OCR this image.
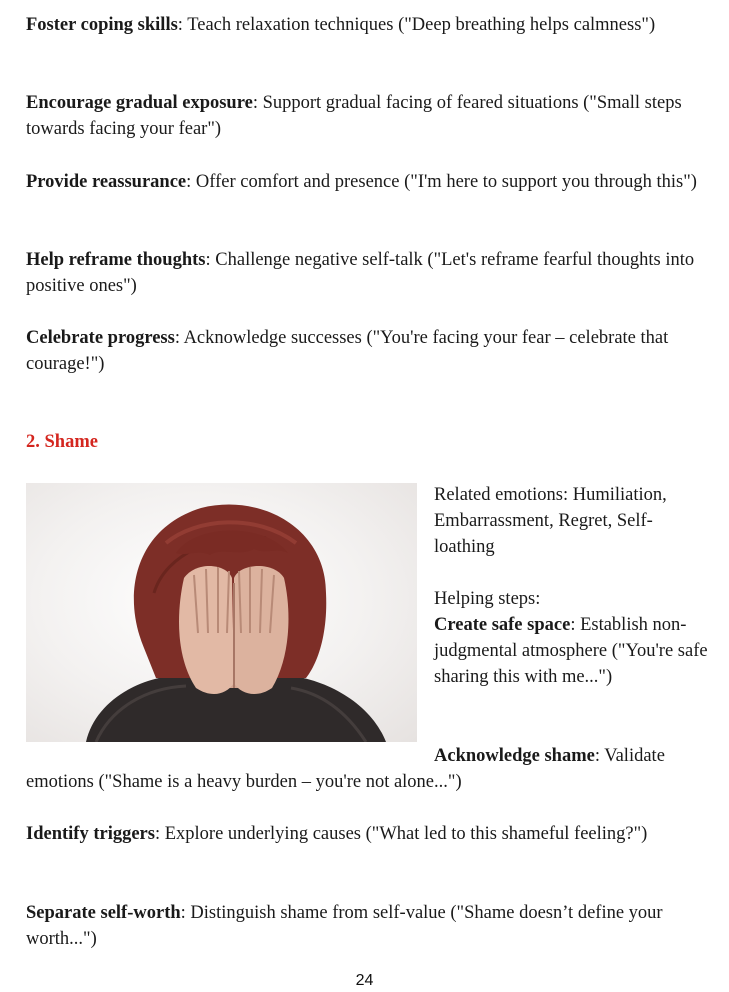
Foster coping skills: Teach relaxation techniques ("Deep breathing helps calmness")

Encourage gradual exposure: Support gradual facing of feared situations ("Small steps towards facing your fear")

Provide reassurance: Offer comfort and presence ("I'm here to support you through this")

Help reframe thoughts: Challenge negative self-talk ("Let's reframe fearful thoughts into positive ones")

Celebrate progress: Acknowledge successes ("You're facing your fear – celebrate that courage!")

2. Shame

Related emotions: Humiliation, Embarrassment, Regret, Self-loathing

Helping steps:

Create safe space: Establish non-judgmental atmosphere ("You're safe sharing this with me...")

Acknowledge shame: Validate emotions ("Shame is a heavy burden – you're not alone...")

Identify triggers: Explore underlying causes ("What led to this shameful feeling?")

Separate self-worth: Distinguish shame from self-value ("Shame doesn’t define your worth...")

24
